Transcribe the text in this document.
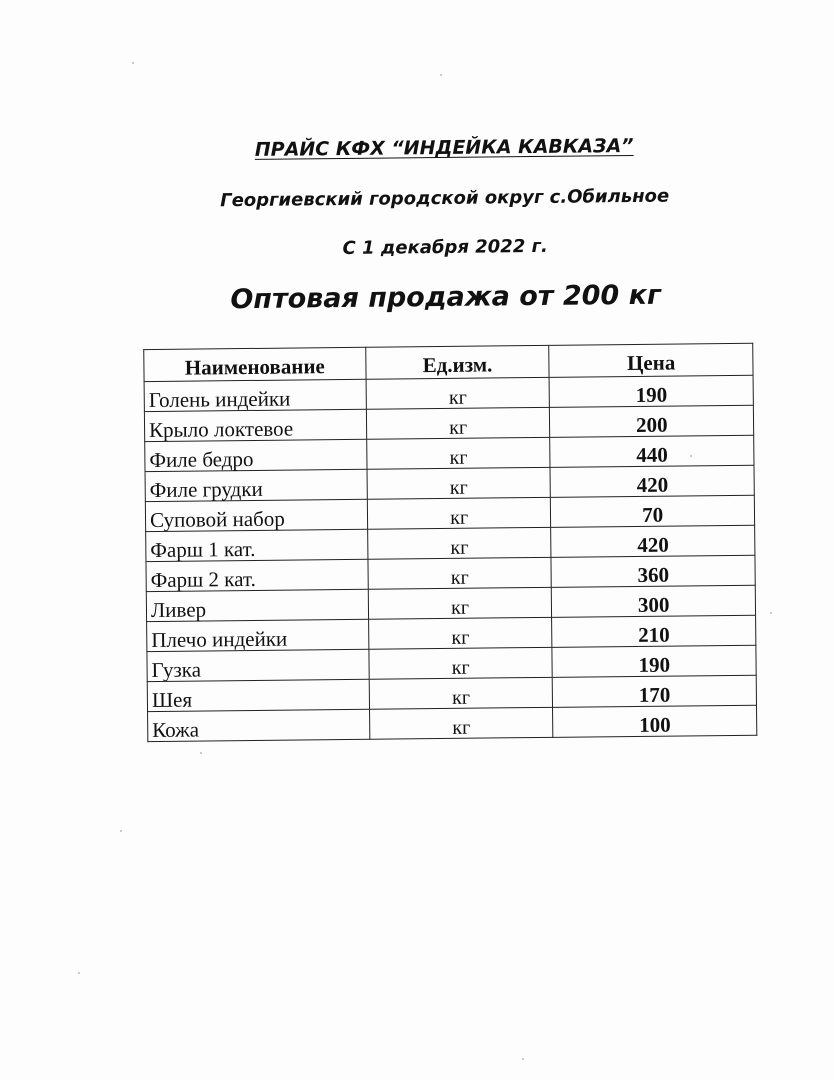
ПРАЙС КФХ “ИНДЕЙКА КАВКАЗА”
Георгиевский городской округ с.Обильное
С 1 декабря 2022 г.
Оптовая продажа от 200 кг
Наименование	Ед.изм.	Цена
Голень индейки	кг	190
Крыло локтевое	кг	200
Филе бедро	кг	440
Филе грудки	кг	420
Суповой набор	кг	70
Фарш 1 кат.	кг	420
Фарш 2 кат.	кг	360
Ливер	кг	300
Плечо индейки	кг	210
Гузка	кг	190
Шея	кг	170
Кожа	кг	100
